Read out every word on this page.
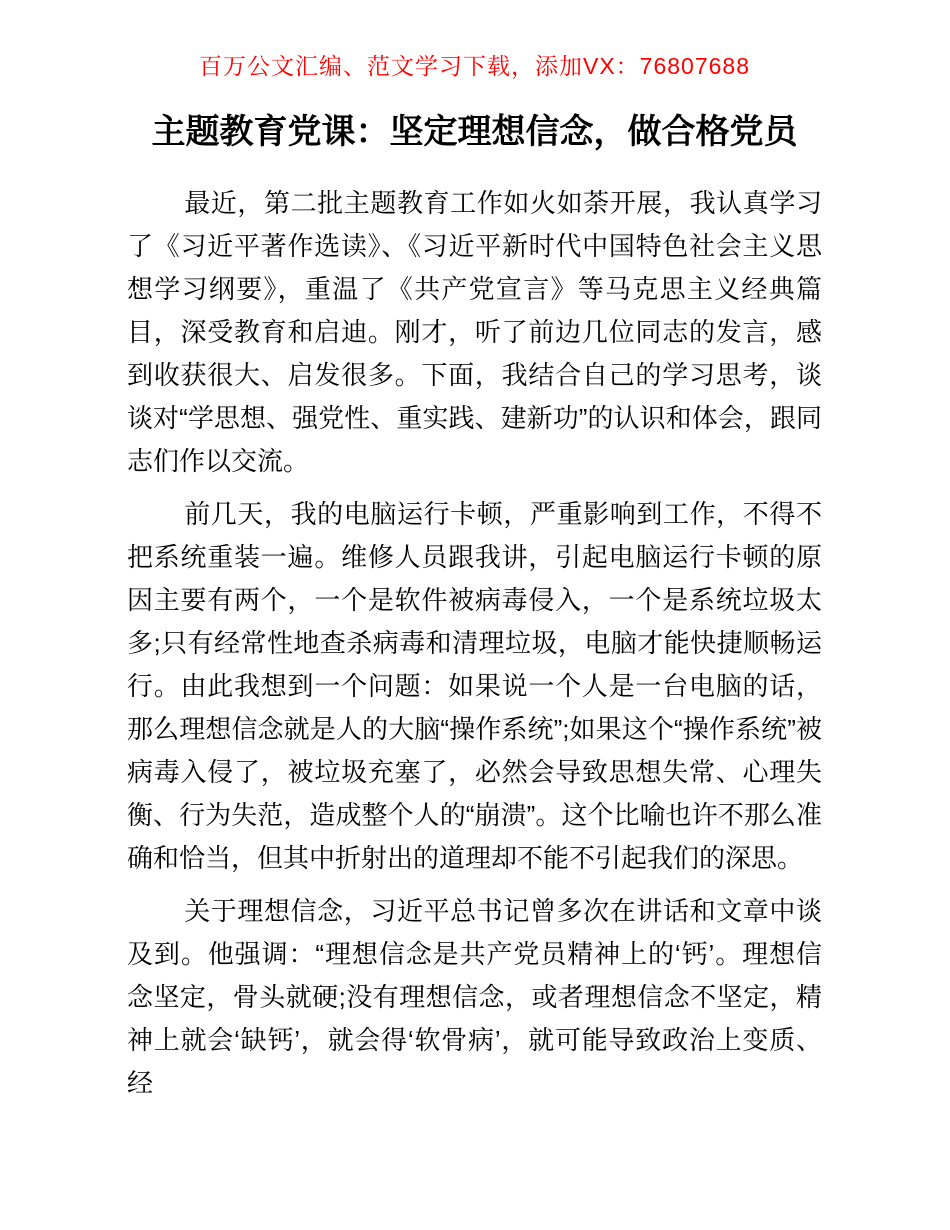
百万公文汇编、范文学习下载，添加VX：76807688
主题教育党课：坚定理想信念，做合格党员

最近，第二批主题教育工作如火如荼开展，我认真学习了《习近平著作选读》、《习近平新时代中国特色社会主义思想学习纲要》，重温了《共产党宣言》等马克思主义经典篇目，深受教育和启迪。刚才，听了前边几位同志的发言，感到收获很大、启发很多。下面，我结合自己的学习思考，谈谈对“学思想、强党性、重实践、建新功”的认识和体会，跟同志们作以交流。

前几天，我的电脑运行卡顿，严重影响到工作，不得不把系统重装一遍。维修人员跟我讲，引起电脑运行卡顿的原因主要有两个，一个是软件被病毒侵入，一个是系统垃圾太多;只有经常性地查杀病毒和清理垃圾，电脑才能快捷顺畅运行。由此我想到一个问题：如果说一个人是一台电脑的话，那么理想信念就是人的大脑“操作系统”;如果这个“操作系统”被病毒入侵了，被垃圾充塞了，必然会导致思想失常、心理失衡、行为失范，造成整个人的“崩溃”。这个比喻也许不那么准确和恰当，但其中折射出的道理却不能不引起我们的深思。

关于理想信念，习近平总书记曾多次在讲话和文章中谈及到。他强调：“理想信念是共产党员精神上的‘钙’。理想信念坚定，骨头就硬;没有理想信念，或者理想信念不坚定，精神上就会‘缺钙’，就会得‘软骨病’，就可能导致政治上变质、经
